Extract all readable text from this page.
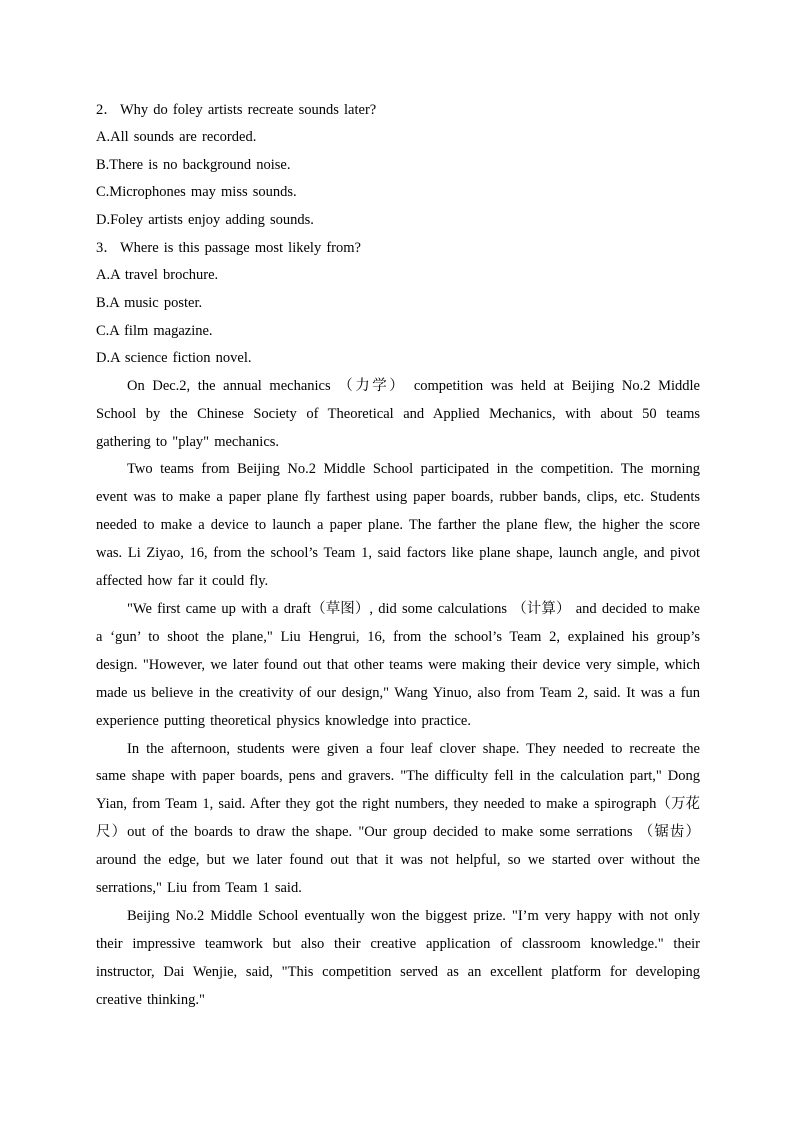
2． Why do foley artists recreate sounds later?
A.All sounds are recorded.
B.There is no background noise.
C.Microphones may miss sounds.
D.Foley artists enjoy adding sounds.
3． Where is this passage most likely from?
A.A travel brochure.
B.A music poster.
C.A film magazine.
D.A science fiction novel.

On Dec.2, the annual mechanics （力学） competition was held at Beijing No.2 Middle School by the Chinese Society of Theoretical and Applied Mechanics, with about 50 teams gathering to "play" mechanics.

Two teams from Beijing No.2 Middle School participated in the competition. The morning event was to make a paper plane fly farthest using paper boards, rubber bands, clips, etc. Students needed to make a device to launch a paper plane. The farther the plane flew, the higher the score was. Li Ziyao, 16, from the school’s Team 1, said factors like plane shape, launch angle, and pivot affected how far it could fly.

"We first came up with a draft（草图）, did some calculations （计算） and decided to make a ‘gun’ to shoot the plane," Liu Hengrui, 16, from the school’s Team 2, explained his group’s design. "However, we later found out that other teams were making their device very simple, which made us believe in the creativity of our design," Wang Yinuo, also from Team 2, said. It was a fun experience putting theoretical physics knowledge into practice.

In the afternoon, students were given a four leaf clover shape. They needed to recreate the same shape with paper boards, pens and gravers. "The difficulty fell in the calculation part," Dong Yian, from Team 1, said. After they got the right numbers, they needed to make a spirograph（万花尺）out of the boards to draw the shape. "Our group decided to make some serrations （锯齿） around the edge, but we later found out that it was not helpful, so we started over without the serrations," Liu from Team 1 said.

Beijing No.2 Middle School eventually won the biggest prize. "I’m very happy with not only their impressive teamwork but also their creative application of classroom knowledge." their instructor, Dai Wenjie, said, "This competition served as an excellent platform for developing creative thinking."
